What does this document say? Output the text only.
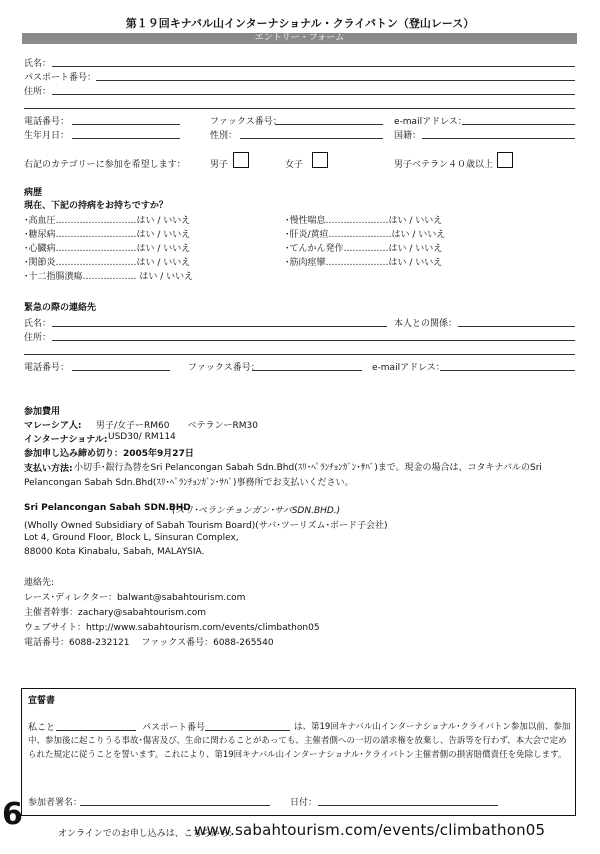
第１９回キナバル山インターナショナル・クライバトン（登山レース）
エントリー・フォーム
氏名：
パスポート番号：
住所：
電話番号：	ファックス番号：	e-mailアドレス：
生年月日：	性別：	国籍：
右記のカテゴリーに参加を希望します：	男子	女子	男子ベテラン４０歳以上
病歴
現在、下記の持病をお持ちですか？
･高血圧………………………はい / いいえ
･糖尿病………………………はい / いいえ
･心臓病………………………はい / いいえ
･関節炎………………………はい / いいえ
･十二指腸潰瘍……………… はい / いいえ
･慢性喘息…………………はい / いいえ
･肝炎/黄疸…………………はい / いいえ
･てんかん発作……………はい / いいえ
･筋肉痙攣…………………はい / いいえ
緊急の際の連絡先
氏名：	本人との関係：
住所：
電話番号：	ファックス番号：	e-mailアドレス：
参加費用
マレーシア人: 男子/女子ーRM60　　ベテランーRM30
インターナショナル: USD30/ RM114
参加申し込み締め切り：2005年9月27日
支払い方法: 小切手･銀行為替をSri Pelancongan Sabah Sdn.Bhd(ｽﾘ･ﾍﾟﾗﾝﾁｮﾝｶﾞﾝ･ｻﾊﾞ)まで。現金の場合は、コタキナバルのSri Pelancongan Sabah Sdn.Bhd(ｽﾘ･ﾍﾟﾗﾝﾁｮﾝｶﾞﾝ･ｻﾊﾞ)事務所でお支払いください。
Sri Pelancongan Sabah SDN.BHD
(スリ･ペランチョンガン･サバSDN.BHD.)
(Wholly Owned Subsidiary of Sabah Tourism Board)(サバ･ツーリズム･ボード子会社)
Lot 4, Ground Floor, Block L, Sinsuran Complex,
88000 Kota Kinabalu, Sabah, MALAYSIA.
連絡先:
レース･ディレクター：balwant@sabahtourism.com
主催者幹事：zachary@sabahtourism.com
ウェブサイト：http://www.sabahtourism.com/events/climbathon05
電話番号：6088-232121　 ファックス番号：6088-265540
宣誓書
私こと	パスポート番号	は、第19回キナバル山インターナショナル･クライバトン参加以前、参加
中、参加後に起こりうる事故･傷害及び、生命に関わることがあっても、主催者側への一切の請求権を放棄し、告訴等を行わず、本大会で定められた規定に従うことを誓います。これにより、第19回キナバル山インターナショナル･クライバトン主催者側の損害賠償責任を免除します。
参加者署名：	日付：
6
オンラインでのお申し込みは、こちらから:
www.sabahtourism.com/events/climbathon05
